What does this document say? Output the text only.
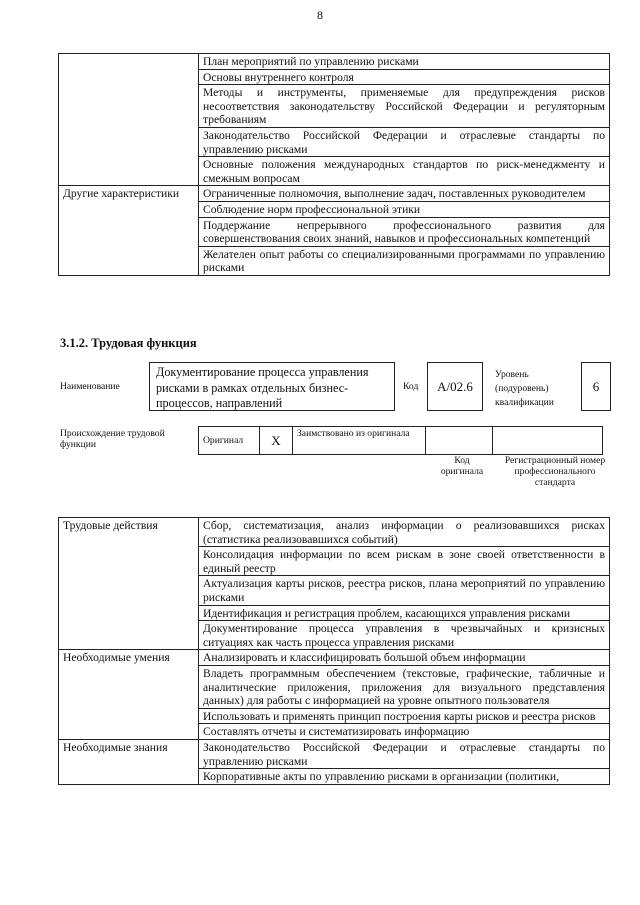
8
	План мероприятий по управлению рисками
	Основы внутреннего контроля
	Методы и инструменты, применяемые для предупреждения рисков несоответствия законодательству Российской Федерации и регуляторным требованиям
	Законодательство Российской Федерации и отраслевые стандарты по управлению рисками
	Основные положения международных стандартов по риск-менеджменту и смежным вопросам
Другие характеристики	Ограниченные полномочия, выполнение задач, поставленных руководителем
	Соблюдение норм профессиональной этики
	Поддержание непрерывного профессионального развития для совершенствования своих знаний, навыков и профессиональных компетенций
	Желателен опыт работы со специализированными программами по управлению рисками
3.1.2. Трудовая функция
Наименование
Документирование процесса управления рисками в рамках отдельных бизнес-процессов, направлений
Код	A/02.6
Уровень (подуровень) квалификации
6
Происхождение трудовой функции	Оригинал	X	Заимствовано из оригинала		
Код оригинала
Регистрационный номер профессионального стандарта
Трудовые действия	Сбор, систематизация, анализ информации о реализовавшихся рисках (статистика реализовавшихся событий)
	Консолидация информации по всем рискам в зоне своей ответственности в единый реестр
	Актуализация карты рисков, реестра рисков, плана мероприятий по управлению рисками
	Идентификация и регистрация проблем, касающихся управления рисками
	Документирование процесса управления в чрезвычайных и кризисных ситуациях как часть процесса управления рисками
Необходимые умения	Анализировать и классифицировать большой объем информации
	Владеть программным обеспечением (текстовые, графические, табличные и аналитические приложения, приложения для визуального представления данных) для работы с информацией на уровне опытного пользователя
	Использовать и применять принцип построения карты рисков и реестра рисков
	Составлять отчеты и систематизировать информацию
Необходимые знания	Законодательство Российской Федерации и отраслевые стандарты по управлению рисками
	Корпоративные акты по управлению рисками в организации (политики,
